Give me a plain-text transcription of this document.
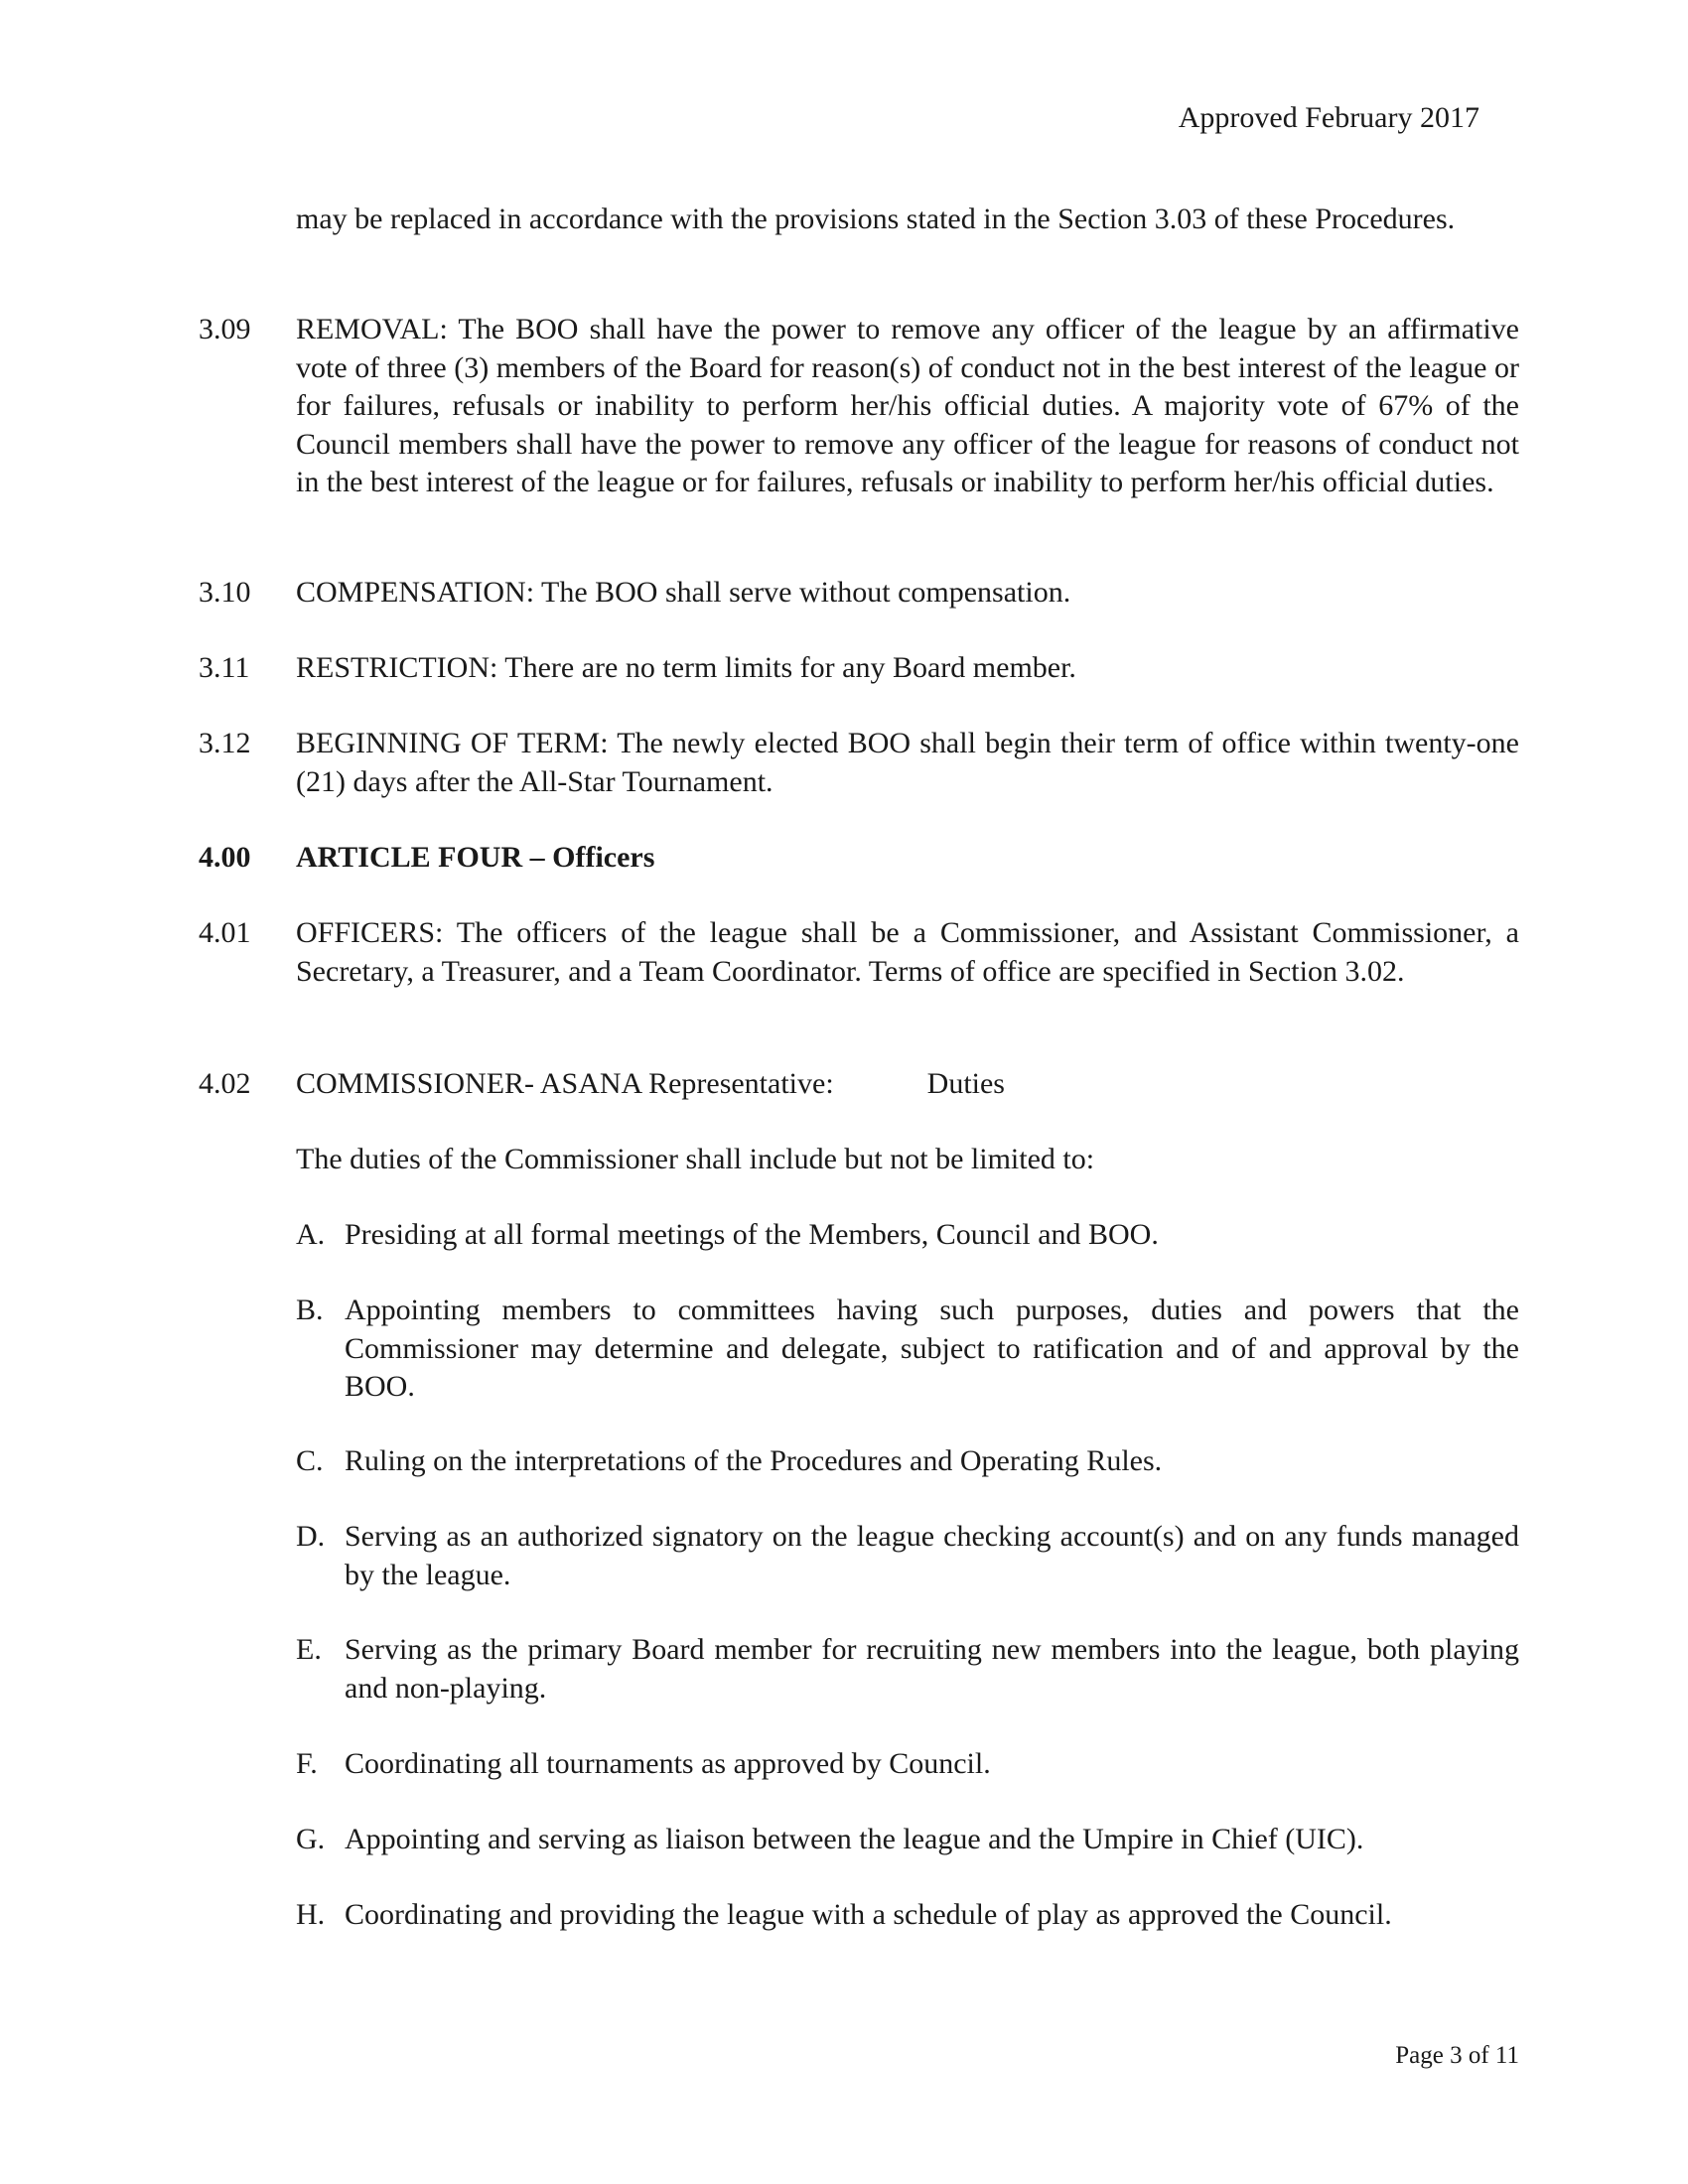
Approved February 2017
may be replaced in accordance with the provisions stated in the Section 3.03 of these Procedures.
3.09	REMOVAL: The BOO shall have the power to remove any officer of the league by an affirmative vote of three (3) members of the Board for reason(s) of conduct not in the best interest of the league or for failures, refusals or inability to perform her/his official duties. A majority vote of 67% of the Council members shall have the power to remove any officer of the league for reasons of conduct not in the best interest of the league or for failures, refusals or inability to perform her/his official duties.
3.10	COMPENSATION: The BOO shall serve without compensation.
3.11	RESTRICTION: There are no term limits for any Board member.
3.12	BEGINNING OF TERM: The newly elected BOO shall begin their term of office within twenty-one (21) days after the All-Star Tournament.
4.00	ARTICLE FOUR – Officers
4.01	OFFICERS: The officers of the league shall be a Commissioner, and Assistant Commissioner, a Secretary, a Treasurer, and a Team Coordinator. Terms of office are specified in Section 3.02.
4.02	COMMISSIONER- ASANA Representative:	Duties
The duties of the Commissioner shall include but not be limited to:
A. Presiding at all formal meetings of the Members, Council and BOO.
B. Appointing members to committees having such purposes, duties and powers that the Commissioner may determine and delegate, subject to ratification and of and approval by the BOO.
C. Ruling on the interpretations of the Procedures and Operating Rules.
D. Serving as an authorized signatory on the league checking account(s) and on any funds managed by the league.
E. Serving as the primary Board member for recruiting new members into the league, both playing and non-playing.
F. Coordinating all tournaments as approved by Council.
G. Appointing and serving as liaison between the league and the Umpire in Chief (UIC).
H. Coordinating and providing the league with a schedule of play as approved the Council.
Page 3 of 11
